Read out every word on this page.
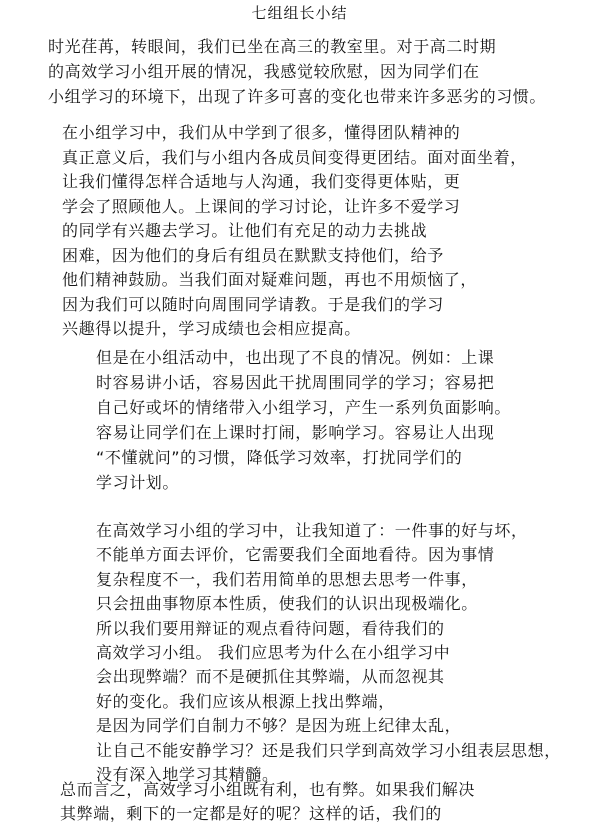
七组组长小结
时光荏苒，转眼间，我们已坐在高三的教室里。对于高二时期
的高效学习小组开展的情况，我感觉较欣慰，因为同学们在
小组学习的环境下，出现了许多可喜的变化也带来许多恶劣的习惯。
在小组学习中，我们从中学到了很多，懂得团队精神的
真正意义后，我们与小组内各成员间变得更团结。面对面坐着，
让我们懂得怎样合适地与人沟通，我们变得更体贴，更
学会了照顾他人。上课间的学习讨论，让许多不爱学习
的同学有兴趣去学习。让他们有充足的动力去挑战
困难，因为他们的身后有组员在默默支持他们，给予
他们精神鼓励。当我们面对疑难问题，再也不用烦恼了，
因为我们可以随时向周围同学请教。于是我们的学习
兴趣得以提升，学习成绩也会相应提高。
但是在小组活动中，也出现了不良的情况。例如：上课
时容易讲小话，容易因此干扰周围同学的学习；容易把
自己好或坏的情绪带入小组学习，产生一系列负面影响。
容易让同学们在上课时打闹，影响学习。容易让人出现
“不懂就问”的习惯，降低学习效率，打扰同学们的
学习计划。
在高效学习小组的学习中，让我知道了：一件事的好与坏，
不能单方面去评价，它需要我们全面地看待。因为事情
复杂程度不一，我们若用简单的思想去思考一件事，
只会扭曲事物原本性质，使我们的认识出现极端化。
所以我们要用辩证的观点看待问题，看待我们的
高效学习小组。 我们应思考为什么在小组学习中
会出现弊端？而不是硬抓住其弊端，从而忽视其
好的变化。我们应该从根源上找出弊端，
是因为同学们自制力不够？是因为班上纪律太乱，
让自己不能安静学习？还是我们只学到高效学习小组表层思想，
没有深入地学习其精髓。
总而言之，高效学习小组既有利，也有弊。如果我们解决
其弊端，剩下的一定都是好的呢？这样的话，我们的
